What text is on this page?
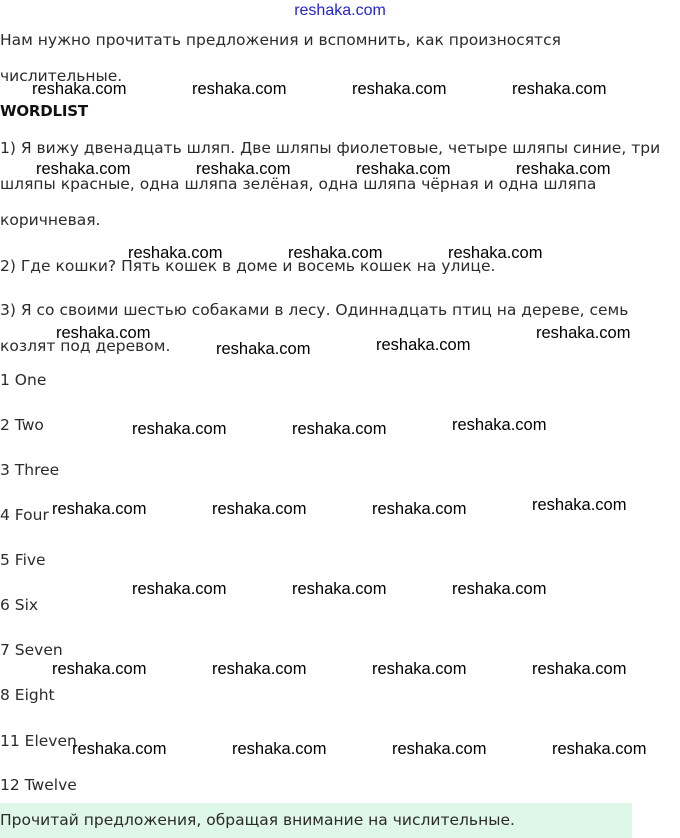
reshaka.com

Нам нужно прочитать предложения и вспомнить, как произносятся

числительные.

WORDLIST

1) Я вижу двенадцать шляп. Две шляпы фиолетовые, четыре шляпы синие, три

шляпы красные, одна шляпа зелёная, одна шляпа чёрная и одна шляпа

коричневая.

2) Где кошки? Пять кошек в доме и восемь кошек на улице.

3) Я со своими шестью собаками в лесу. Одиннадцать птиц на дереве, семь

козлят под деревом.

1 One
2 Two
3 Three
4 Four
5 Five
6 Six
7 Seven
8 Eight
11 Eleven
12 Twelve
Прочитай предложения, обращая внимание на числительные.
reshaka.com	reshaka.com	reshaka.com	reshaka.com
reshaka.com	reshaka.com	reshaka.com	reshaka.com
reshaka.com	reshaka.com	reshaka.com
reshaka.com
reshaka.com	reshaka.com
reshaka.com
reshaka.com	reshaka.com	reshaka.com
reshaka.com	reshaka.com	reshaka.com	reshaka.com
reshaka.com	reshaka.com	reshaka.com
reshaka.com	reshaka.com	reshaka.com	reshaka.com
reshaka.com	reshaka.com	reshaka.com	reshaka.com
